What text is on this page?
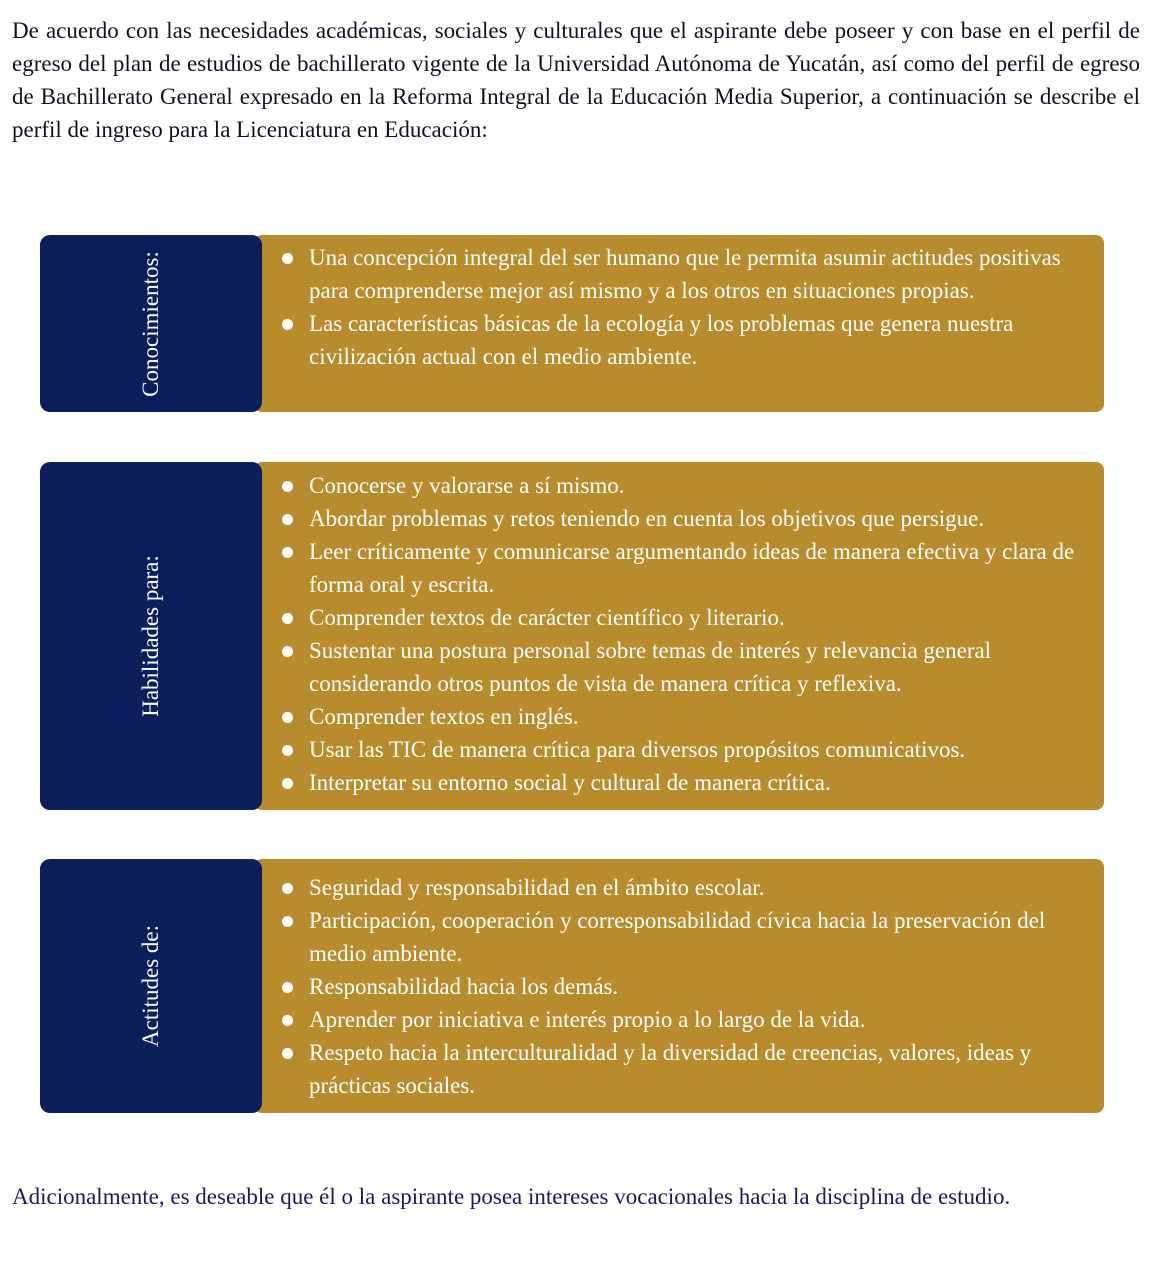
De acuerdo con las necesidades académicas, sociales y culturales que el aspirante debe poseer y con base en el perfil de egreso del plan de estudios de bachillerato vigente de la Universidad Autónoma de Yucatán, así como del perfil de egreso de Bachillerato General expresado en la Reforma Integral de la Educación Media Superior, a continuación se describe el perfil de ingreso para la Licenciatura en Educación:

Conocimientos:	Una concepción integral del ser humano que le permita asumir actitudes positivas para comprenderse mejor así mismo y a los otros en situaciones propias.
Las características básicas de la ecología y los problemas que genera nuestra civilización actual con el medio ambiente.
Habilidades para:
Conocerse y valorarse a sí mismo.
Abordar problemas y retos teniendo en cuenta los objetivos que persigue.
Leer críticamente y comunicarse argumentando ideas de manera efectiva y clara de forma oral y escrita.
Comprender textos de carácter científico y literario.
Sustentar una postura personal sobre temas de interés y relevancia general considerando otros puntos de vista de manera crítica y reflexiva.
Comprender textos en inglés.
Usar las TIC de manera crítica para diversos propósitos comunicativos.
Interpretar su entorno social y cultural de manera crítica.
Actitudes de:
Seguridad y responsabilidad en el ámbito escolar.
Participación, cooperación y corresponsabilidad cívica hacia la preservación del medio ambiente.
Responsabilidad hacia los demás.
Aprender por iniciativa e interés propio a lo largo de la vida.
Respeto hacia la interculturalidad y la diversidad de creencias, valores, ideas y prácticas sociales.

Adicionalmente, es deseable que él o la aspirante posea intereses vocacionales hacia la disciplina de estudio.
